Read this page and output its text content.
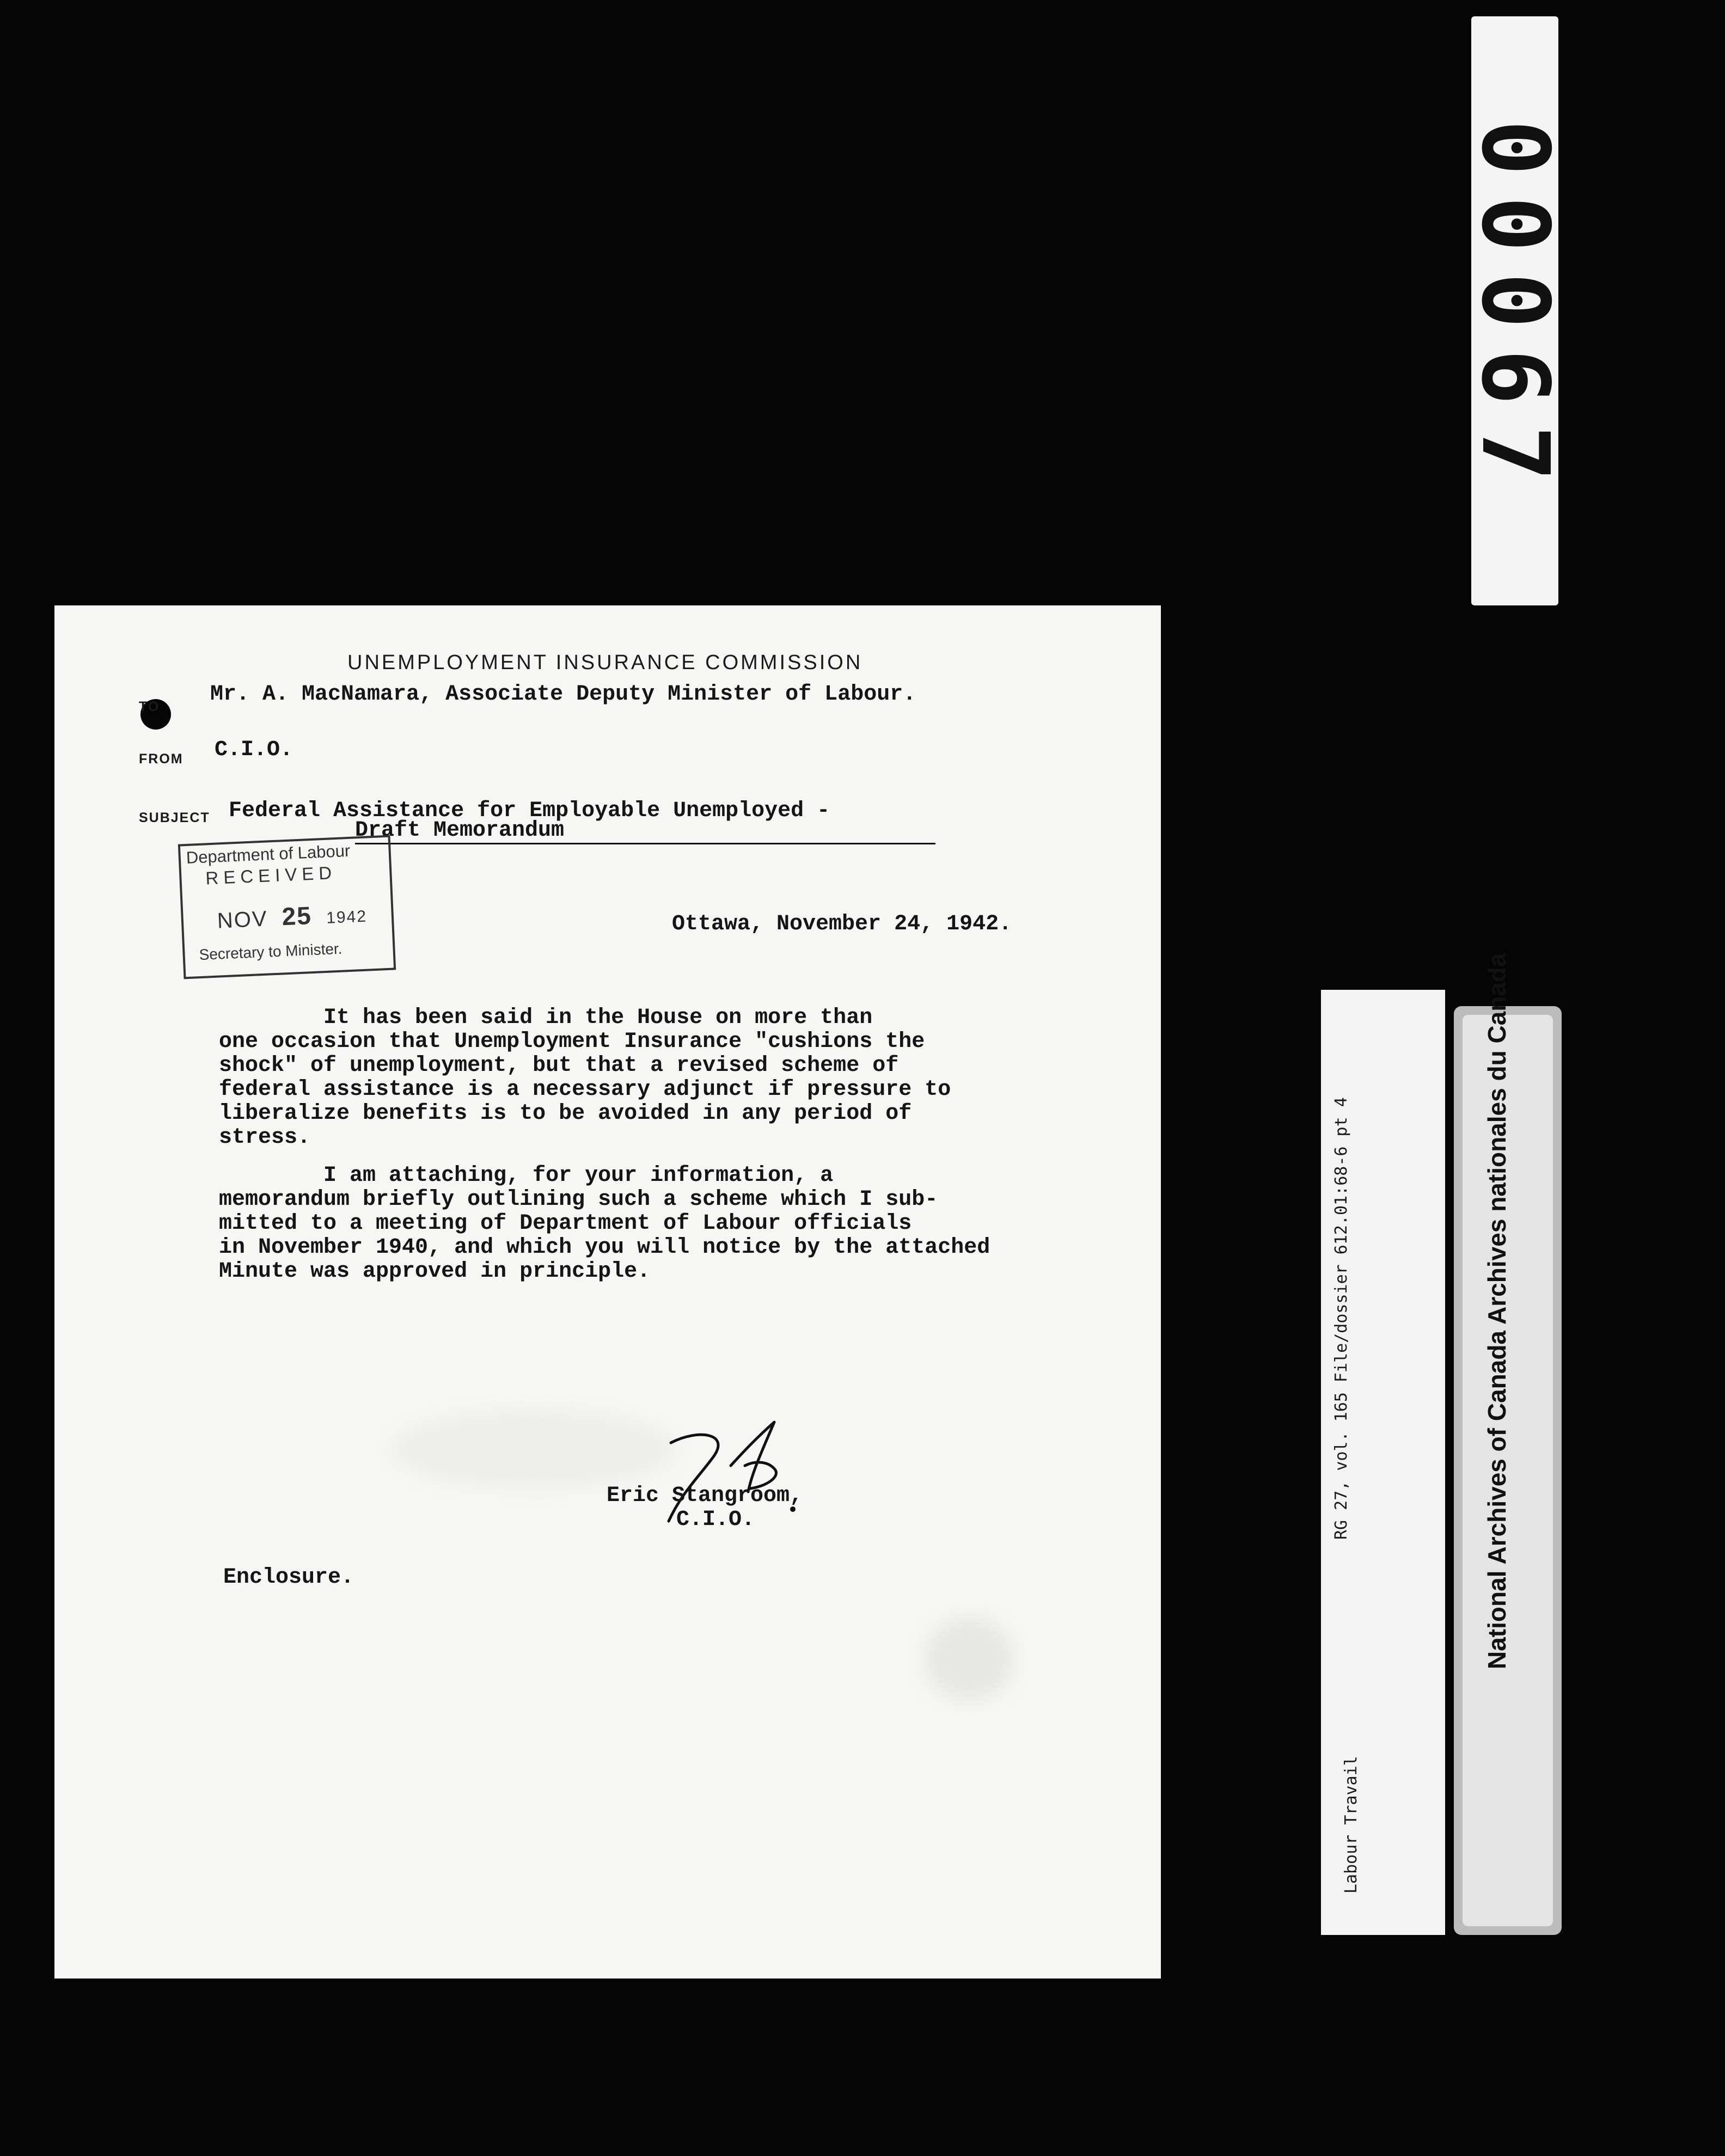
00067
UNEMPLOYMENT INSURANCE COMMISSION
TO Mr. A. MacNamara, Associate Deputy Minister of Labour.

FROM C.I.O.

SUBJECT Federal Assistance for Employable Unemployed -

Draft Memorandum

Department of Labour
RECEIVED
NOV 25 1942
Secretary to Minister.

Ottawa, November 24, 1942.

It has been said in the House on more than
one occasion that Unemployment Insurance "cushions the
shock" of unemployment, but that a revised scheme of
federal assistance is a necessary adjunct if pressure to
liberalize benefits is to be avoided in any period of
stress.

I am attaching, for your information, a
memorandum briefly outlining such a scheme which I sub-
mitted to a meeting of Department of Labour officials
in November 1940, and which you will notice by the attached
Minute was approved in principle.

Eric Stangroom,

C.I.O.

Enclosure.

RG 27, vol. 165 File/dossier 612.01:68-6 pt 4
Labour Travail
National Archives of Canada Archives nationales du Canada
